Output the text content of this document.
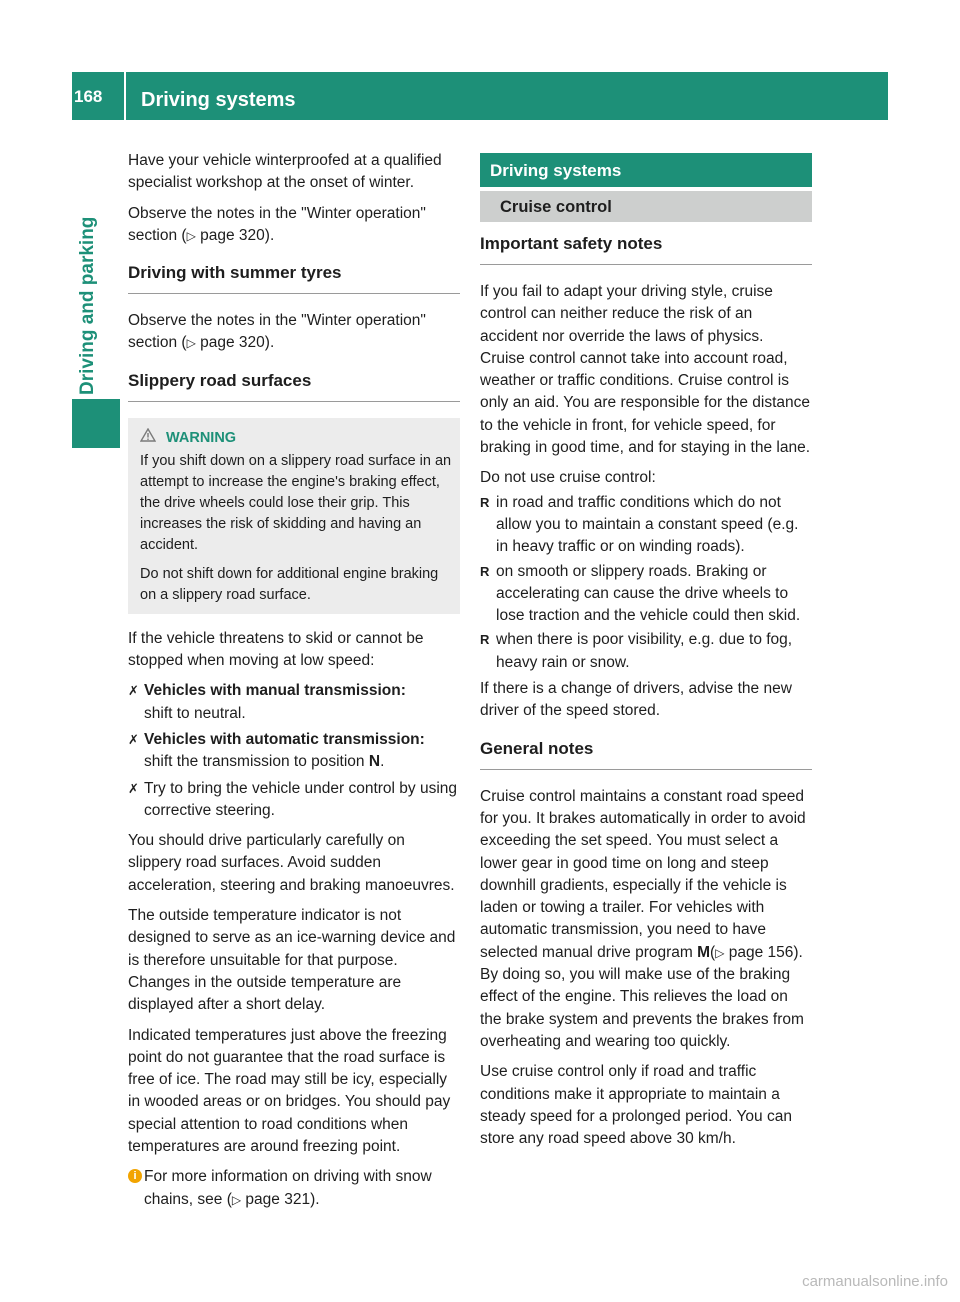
168	Driving systems
Driving and parking

Have your vehicle winterproofed at a qualified specialist workshop at the onset of winter.

Observe the notes in the "Winter operation" section (▷ page 320).

Driving with summer tyres

Observe the notes in the "Winter operation" section (▷ page 320).

Slippery road surfaces
WARNING

If you shift down on a slippery road surface in an attempt to increase the engine's braking effect, the drive wheels could lose their grip. This increases the risk of skidding and having an accident.

Do not shift down for additional engine braking on a slippery road surface.

If the vehicle threatens to skid or cannot be stopped when moving at low speed:

✗ Vehicles with manual transmission:
shift to neutral.
✗ Vehicles with automatic transmission:
shift the transmission to position N.
✗ Try to bring the vehicle under control by using corrective steering.

You should drive particularly carefully on slippery road surfaces. Avoid sudden acceleration, steering and braking manoeuvres.

The outside temperature indicator is not designed to serve as an ice-warning device and is therefore unsuitable for that purpose. Changes in the outside temperature are displayed after a short delay.

Indicated temperatures just above the freezing point do not guarantee that the road surface is free of ice. The road may still be icy, especially in wooded areas or on bridges. You should pay special attention to road conditions when temperatures are around freezing point.

i For more information on driving with snow chains, see (▷ page 321).
Driving systems
Cruise control
Important safety notes

If you fail to adapt your driving style, cruise control can neither reduce the risk of an accident nor override the laws of physics. Cruise control cannot take into account road, weather or traffic conditions. Cruise control is only an aid. You are responsible for the distance to the vehicle in front, for vehicle speed, for braking in good time, and for staying in the lane.

Do not use cruise control:

R in road and traffic conditions which do not allow you to maintain a constant speed (e.g. in heavy traffic or on winding roads).
R on smooth or slippery roads. Braking or accelerating can cause the drive wheels to lose traction and the vehicle could then skid.
R when there is poor visibility, e.g. due to fog, heavy rain or snow.

If there is a change of drivers, advise the new driver of the speed stored.

General notes

Cruise control maintains a constant road speed for you. It brakes automatically in order to avoid exceeding the set speed. You must select a lower gear in good time on long and steep downhill gradients, especially if the vehicle is laden or towing a trailer. For vehicles with automatic transmission, you need to have selected manual drive program M(▷ page 156). By doing so, you will make use of the braking effect of the engine. This relieves the load on the brake system and prevents the brakes from overheating and wearing too quickly.

Use cruise control only if road and traffic conditions make it appropriate to maintain a steady speed for a prolonged period. You can store any road speed above 30 km/h.

carmanualsonline.info
